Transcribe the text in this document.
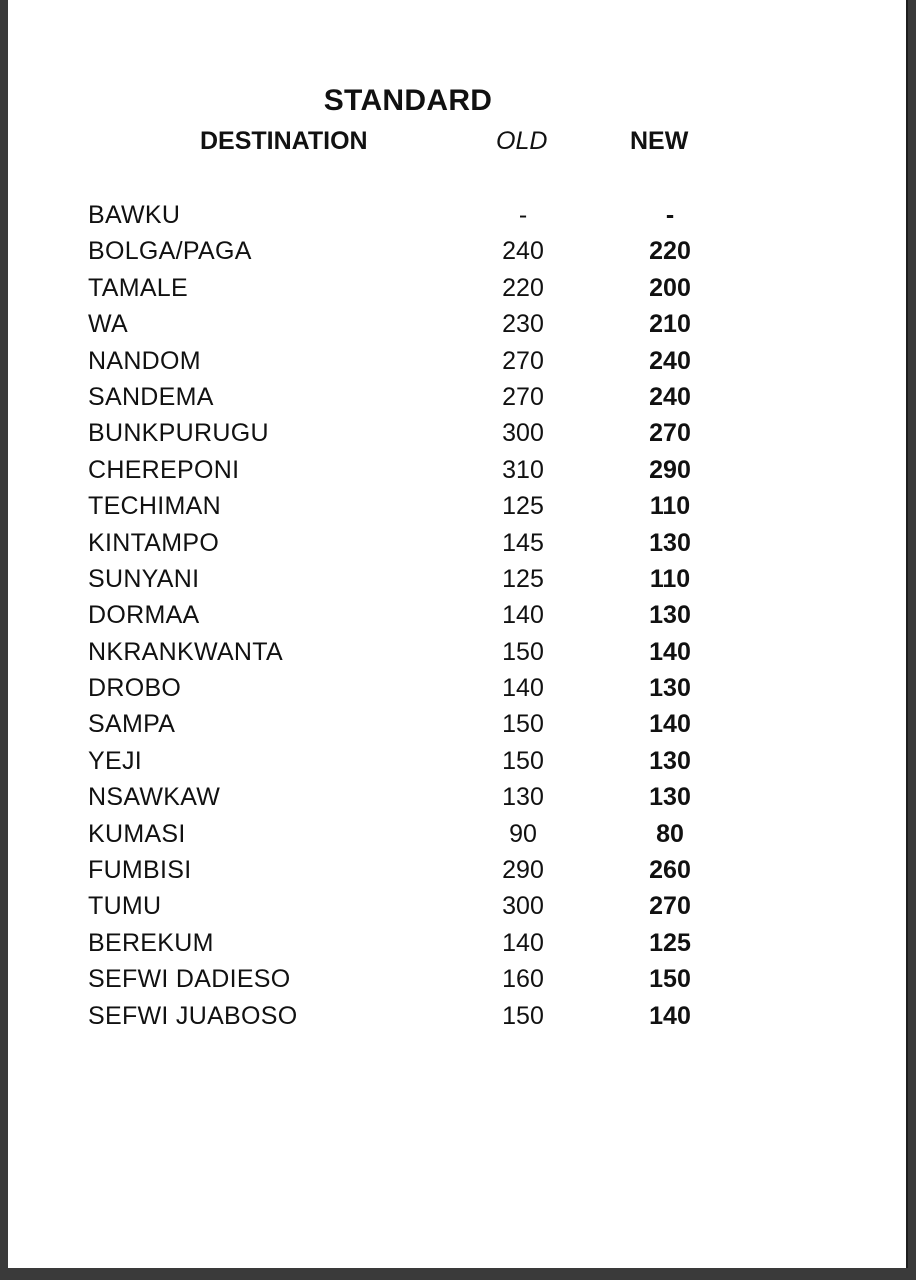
STANDARD
DESTINATION	OLD	NEW
BAWKU	-	-
BOLGA/PAGA	240	220
TAMALE	220	200
WA	230	210
NANDOM	270	240
SANDEMA	270	240
BUNKPURUGU	300	270
CHEREPONI	310	290
TECHIMAN	125	110
KINTAMPO	145	130
SUNYANI	125	110
DORMAA	140	130
NKRANKWANTA	150	140
DROBO	140	130
SAMPA	150	140
YEJI	150	130
NSAWKAW	130	130
KUMASI	90	80
FUMBISI	290	260
TUMU	300	270
BEREKUM	140	125
SEFWI DADIESO	160	150
SEFWI JUABOSO	150	140
